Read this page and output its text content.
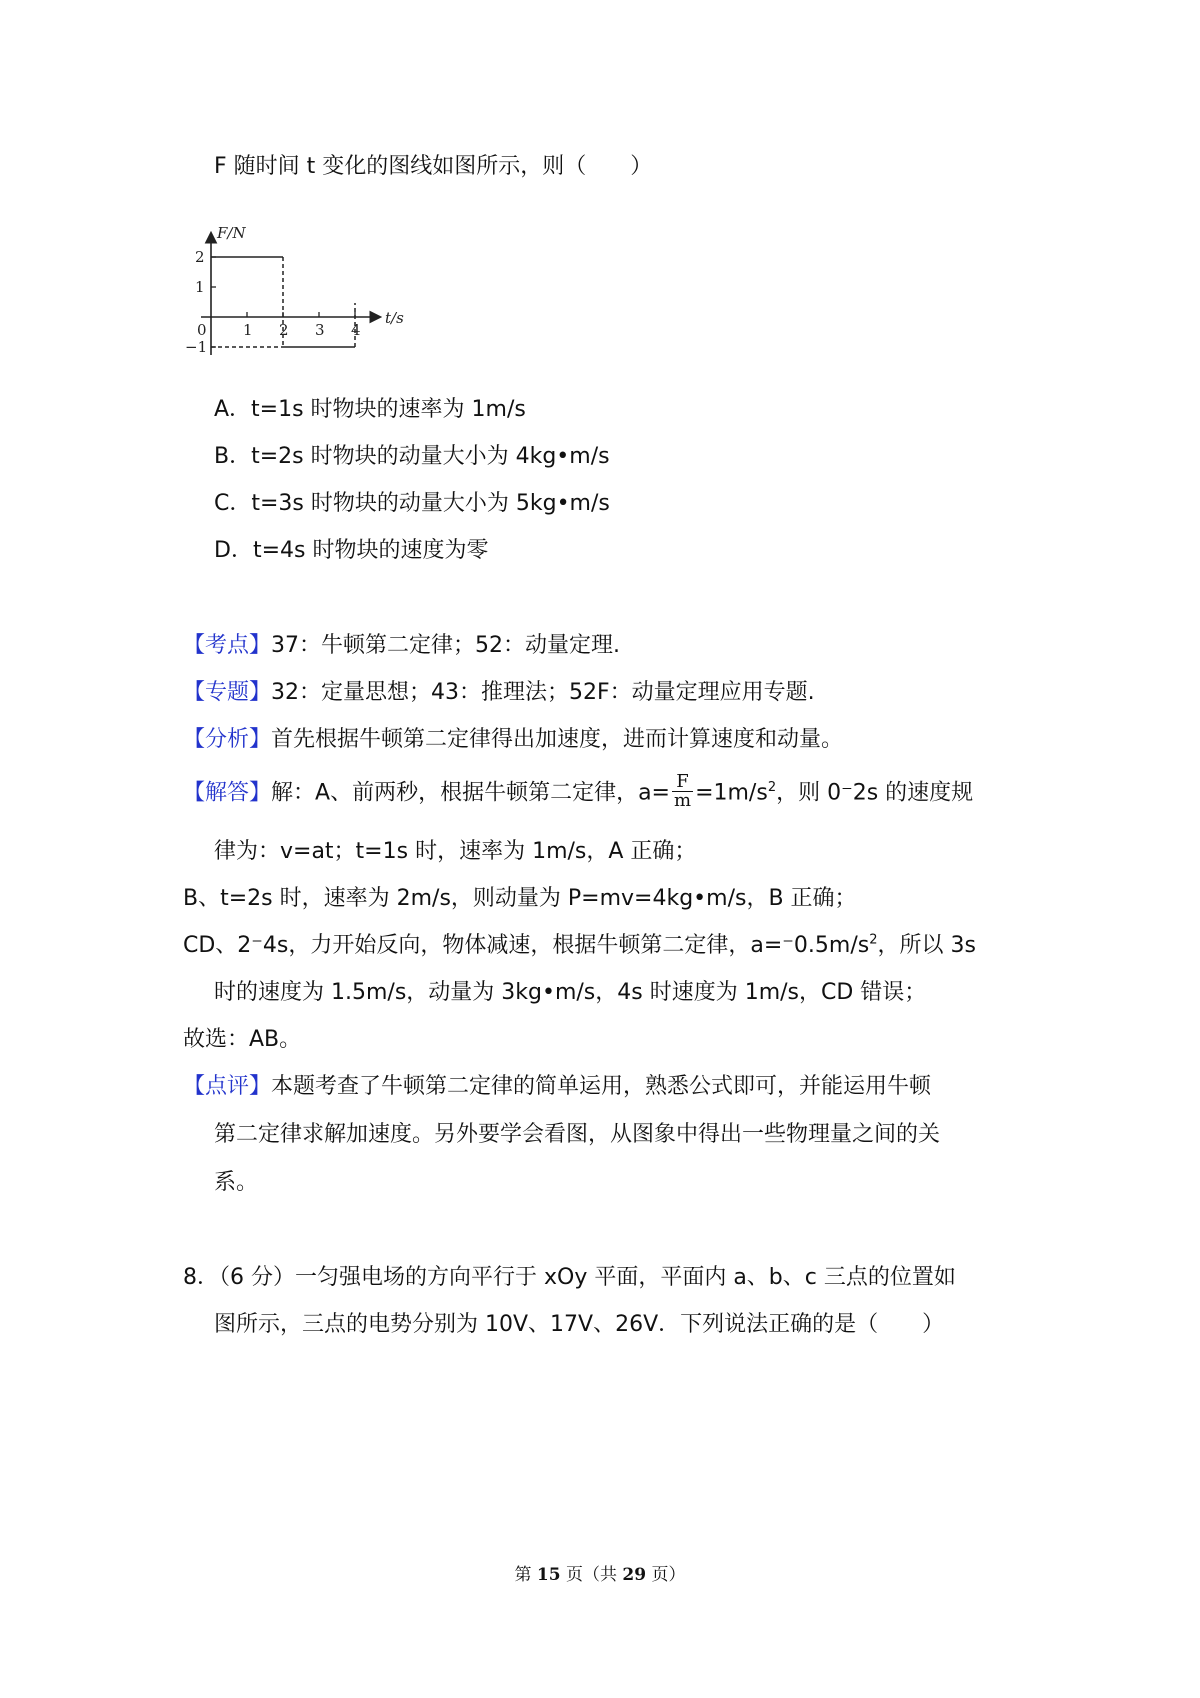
F 随时间 t 变化的图线如图所示，则（　　）
F/N
t/s
0 1 2 3 4
1
2
−1
A．t=1s 时物块的速率为 1m/s
B．t=2s 时物块的动量大小为 4kg•m/s
C．t=3s 时物块的动量大小为 5kg•m/s
D．t=4s 时物块的速度为零
【考点】37：牛顿第二定律；52：动量定理.
【专题】32：定量思想；43：推理法；52F：动量定理应用专题.
【分析】首先根据牛顿第二定律得出加速度，进而计算速度和动量。
【解答】解：A、前两秒，根据牛顿第二定律，$a= \frac{F}{m} =1m/s^2$，则 0⁻2s 的速度规
律为：v=at；t=1s 时，速率为 1m/s，A 正确；
B、t=2s 时，速率为 2m/s，则动量为 P=mv=4kg•m/s，B 正确；
CD、2⁻4s，力开始反向，物体减速，根据牛顿第二定律，$a=^-0.5m/s^2$，所以 3s
时的速度为 1.5m/s，动量为 3kg•m/s，4s 时速度为 1m/s，CD 错误；
故选：AB。
【点评】本题考查了牛顿第二定律的简单运用，熟悉公式即可，并能运用牛顿
第二定律求解加速度。另外要学会看图，从图象中得出一些物理量之间的关
系。
8．（6 分）一匀强电场的方向平行于 xOy 平面，平面内 a、b、c 三点的位置如
图所示，三点的电势分别为 10V、17V、26V．下列说法正确的是（　　）
第 15 页（共 29 页）
